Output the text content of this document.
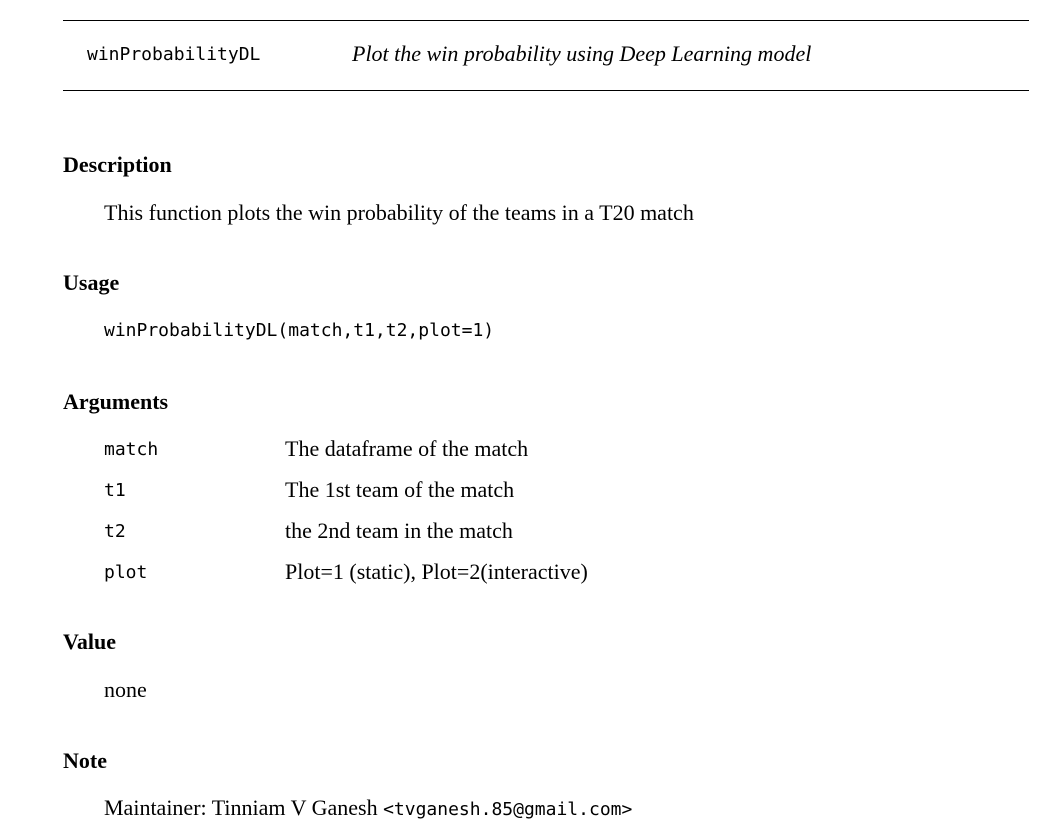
winProbabilityDL	Plot the win probability using Deep Learning model
Description
This function plots the win probability of the teams in a T20 match
Usage
winProbabilityDL(match,t1,t2,plot=1)
Arguments
match	The dataframe of the match
t1	The 1st team of the match
t2	the 2nd team in the match
plot	Plot=1 (static), Plot=2(interactive)
Value
none
Note
Maintainer: Tinniam V Ganesh <tvganesh.85@gmail.com>
